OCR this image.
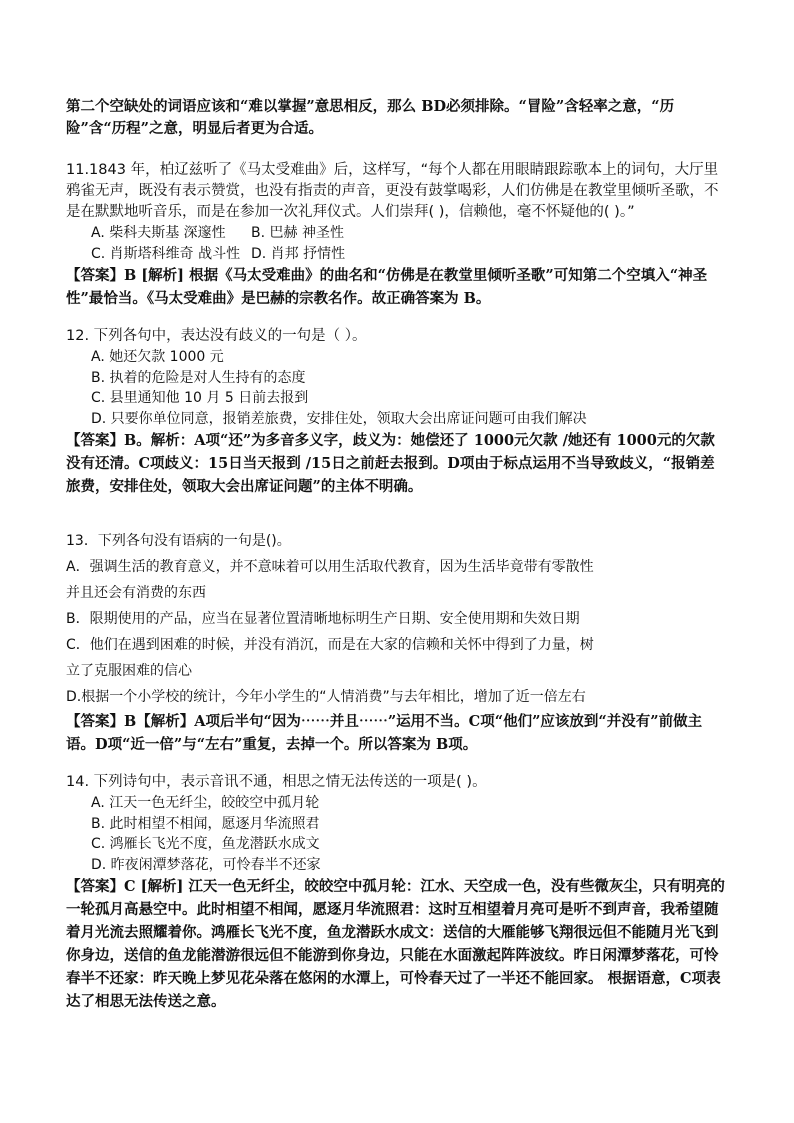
第二个空缺处的词语应该和“难以掌握”意思相反，那么 BD必须排除。“冒险”含轻率之意，“历险”含“历程”之意，明显后者更为合适。

11.1843 年，柏辽兹听了《马太受难曲》后，这样写，“每个人都在用眼睛跟踪歌本上的词句，大厅里鸦雀无声，既没有表示赞赏，也没有指责的声音，更没有鼓掌喝彩，人们仿佛是在教堂里倾听圣歌，不是在默默地听音乐，而是在参加一次礼拜仪式。人们崇拜( )，信赖他，毫不怀疑他的( )。”

A. 柴科夫斯基 深邃性	B. 巴赫 神圣性
C. 肖斯塔科维奇 战斗性 D. 肖邦 抒情性

【答案】B [解析] 根据《马太受难曲》的曲名和“仿佛是在教堂里倾听圣歌”可知第二个空填入“神圣性”最恰当。《马太受难曲》是巴赫的宗教名作。故正确答案为 B。

12. 下列各句中，表达没有歧义的一句是（ ）。

A. 她还欠款 1000 元

B. 执着的危险是对人生持有的态度

C. 县里通知他 10 月 5 日前去报到

D. 只要你单位同意，报销差旅费，安排住处，领取大会出席证问题可由我们解决

【答案】B。解析：A项“还”为多音多义字，歧义为：她偿还了 1000元欠款 /她还有 1000元的欠款没有还清。C项歧义：15日当天报到 /15日之前赶去报到。D项由于标点运用不当导致歧义，“报销差旅费，安排住处，领取大会出席证问题”的主体不明确。

13．下列各句没有语病的一句是()。

A．强调生活的教育意义，并不意味着可以用生活取代教育，因为生活毕竟带有零散性

并且还会有消费的东西

B．限期使用的产品，应当在显著位置清晰地标明生产日期、安全使用期和失效日期

C．他们在遇到困难的时候，并没有消沉，而是在大家的信赖和关怀中得到了力量，树

立了克服困难的信心

D.根据一个小学校的统计，今年小学生的“人情消费”与去年相比，增加了近一倍左右

【答案】B【解析】A项后半句“因为⋯⋯并且⋯⋯”运用不当。C项“他们”应该放到“并没有”前做主语。D项“近一倍”与“左右”重复，去掉一个。所以答案为 B项。

14. 下列诗句中，表示音讯不通，相思之情无法传送的一项是( )。

A. 江天一色无纤尘，皎皎空中孤月轮

B. 此时相望不相闻，愿逐月华流照君

C. 鸿雁长飞光不度，鱼龙潜跃水成文

D. 昨夜闲潭梦落花，可怜春半不还家

【答案】C [解析] 江天一色无纤尘，皎皎空中孤月轮：江水、天空成一色，没有些微灰尘，只有明亮的一轮孤月高悬空中。此时相望不相闻，愿逐月华流照君：这时互相望着月亮可是听不到声音，我希望随着月光流去照耀着你。鸿雁长飞光不度，鱼龙潜跃水成文：送信的大雁能够飞翔很远但不能随月光飞到你身边，送信的鱼龙能潜游很远但不能游到你身边，只能在水面激起阵阵波纹。昨日闲潭梦落花，可怜春半不还家：昨天晚上梦见花朵落在悠闲的水潭上，可怜春天过了一半还不能回家。 根据语意，C项表达了相思无法传送之意。
